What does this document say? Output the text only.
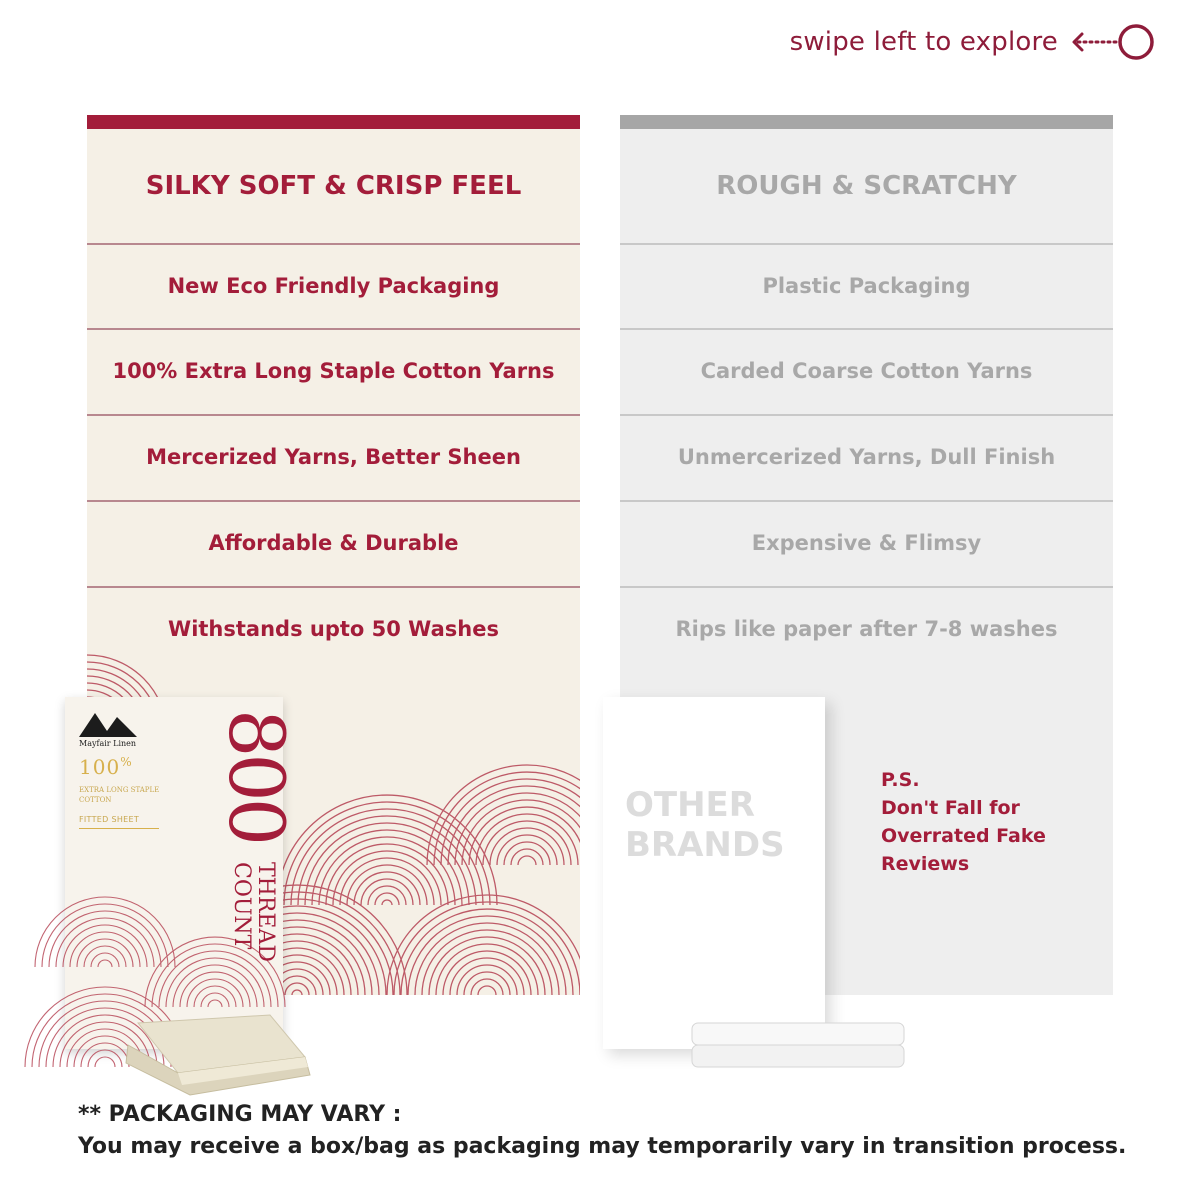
swipe left to explore
SILKY SOFT & CRISP FEEL
New Eco Friendly Packaging
100% Extra Long Staple Cotton Yarns
Mercerized Yarns, Better Sheen
Affordable & Durable
Withstands upto 50 Washes
ROUGH & SCRATCHY
Plastic Packaging
Carded Coarse Cotton Yarns
Unmercerized Yarns, Dull Finish
Expensive & Flimsy
Rips like paper after 7-8 washes
Mayfair Linen
100%
EXTRA LONG STAPLE COTTON
FITTED SHEET 800
THREAD COUNT
OTHER
BRANDS
P.S.
Don't Fall for
Overrated Fake
Reviews
** PACKAGING MAY VARY :
You may receive a box/bag as packaging may temporarily vary in transition process.
